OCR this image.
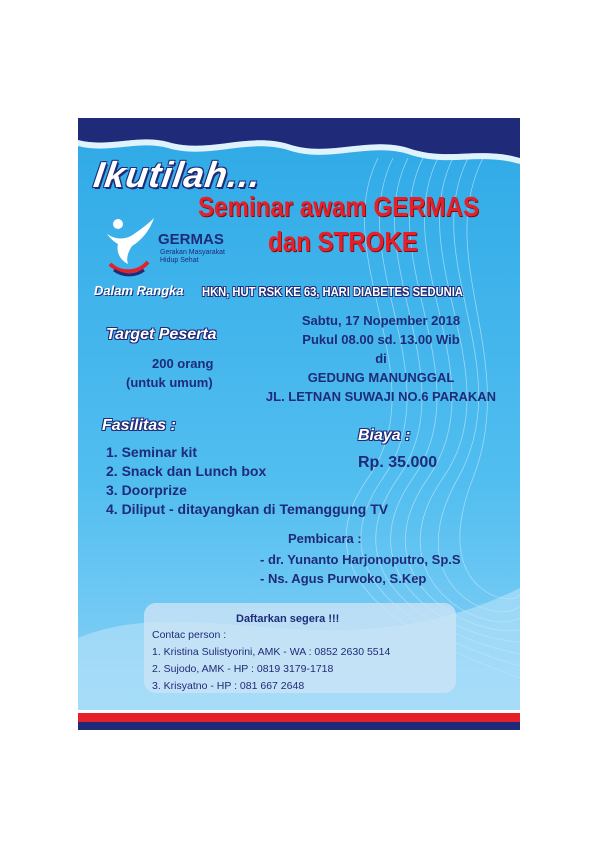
Ikutilah...
Seminar awam GERMAS
dan STROKE
GERMAS
Gerakan Masyarakat Hidup Sehat
Dalam Rangka HKN, HUT RSK KE 63, HARI DIABETES SEDUNIA
Target Peserta
200 orang
(untuk umum)
Sabtu, 17 Nopember 2018
Pukul 08.00 sd. 13.00 Wib
di
GEDUNG MANUNGGAL
JL. LETNAN SUWAJI NO.6 PARAKAN
Fasilitas :
1. Seminar kit
2. Snack dan Lunch box
3. Doorprize
4. Diliput - ditayangkan di Temanggung TV
Biaya :
Rp. 35.000
Pembicara :
- dr. Yunanto Harjonoputro, Sp.S
- Ns. Agus Purwoko, S.Kep
Daftarkan segera !!!
Contac person :
1. Kristina Sulistyorini, AMK - WA : 0852 2630 5514
2. Sujodo, AMK - HP : 0819 3179-1718
3. Krisyatno - HP : 081 667 2648
